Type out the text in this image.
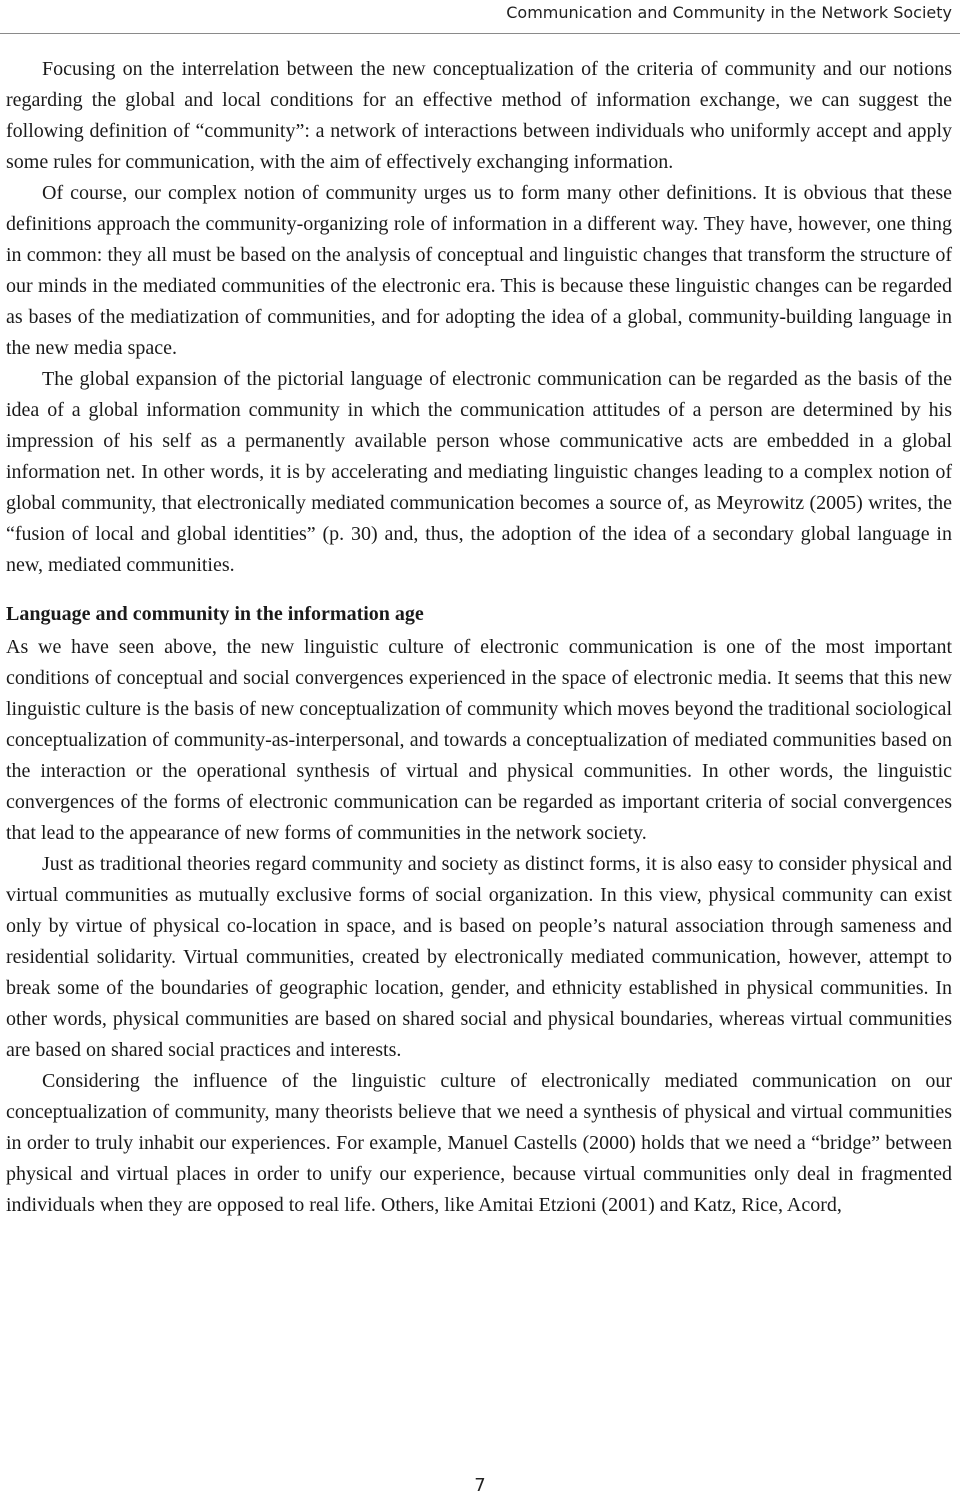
Communication and Community in the Network Society

Focusing on the interrelation between the new conceptualization of the criteria of community and our notions regarding the global and local conditions for an effective method of information exchange, we can suggest the following definition of “community”: a network of interactions between individuals who uniformly accept and apply some rules for communication, with the aim of effectively exchanging information.

Of course, our complex notion of community urges us to form many other definitions. It is obvious that these definitions approach the community-organizing role of information in a different way. They have, however, one thing in common: they all must be based on the analysis of conceptual and linguistic changes that transform the structure of our minds in the mediated communities of the electronic era. This is because these linguistic changes can be regarded as bases of the mediatization of communities, and for adopting the idea of a global, community-building language in the new media space.

The global expansion of the pictorial language of electronic communication can be regarded as the basis of the idea of a global information community in which the communication attitudes of a person are determined by his impression of his self as a permanently available person whose communicative acts are embedded in a global information net. In other words, it is by accelerating and mediating linguistic changes leading to a complex notion of global community, that electronically mediated communication becomes a source of, as Meyrowitz (2005) writes, the “fusion of local and global identities” (p. 30) and, thus, the adoption of the idea of a secondary global language in new, mediated communities.

Language and community in the information age

As we have seen above, the new linguistic culture of electronic communication is one of the most important conditions of conceptual and social convergences experienced in the space of electronic media. It seems that this new linguistic culture is the basis of new conceptualization of community which moves beyond the traditional sociological conceptualization of community-as-interpersonal, and towards a conceptualization of mediated communities based on the interaction or the operational synthesis of virtual and physical communities. In other words, the linguistic convergences of the forms of electronic communication can be regarded as important criteria of social convergences that lead to the appearance of new forms of communities in the network society.

Just as traditional theories regard community and society as distinct forms, it is also easy to consider physical and virtual communities as mutually exclusive forms of social organization. In this view, physical community can exist only by virtue of physical co-location in space, and is based on people’s natural association through sameness and residential solidarity. Virtual communities, created by electronically mediated communication, however, attempt to break some of the boundaries of geographic location, gender, and ethnicity established in physical communities. In other words, physical communities are based on shared social and physical boundaries, whereas virtual communities are based on shared social practices and interests.

Considering the influence of the linguistic culture of electronically mediated communication on our conceptualization of community, many theorists believe that we need a synthesis of physical and virtual communities in order to truly inhabit our experiences. For example, Manuel Castells (2000) holds that we need a “bridge” between physical and virtual places in order to unify our experience, because virtual communities only deal in fragmented individuals when they are opposed to real life. Others, like Amitai Etzioni (2001) and Katz, Rice, Acord,

7
